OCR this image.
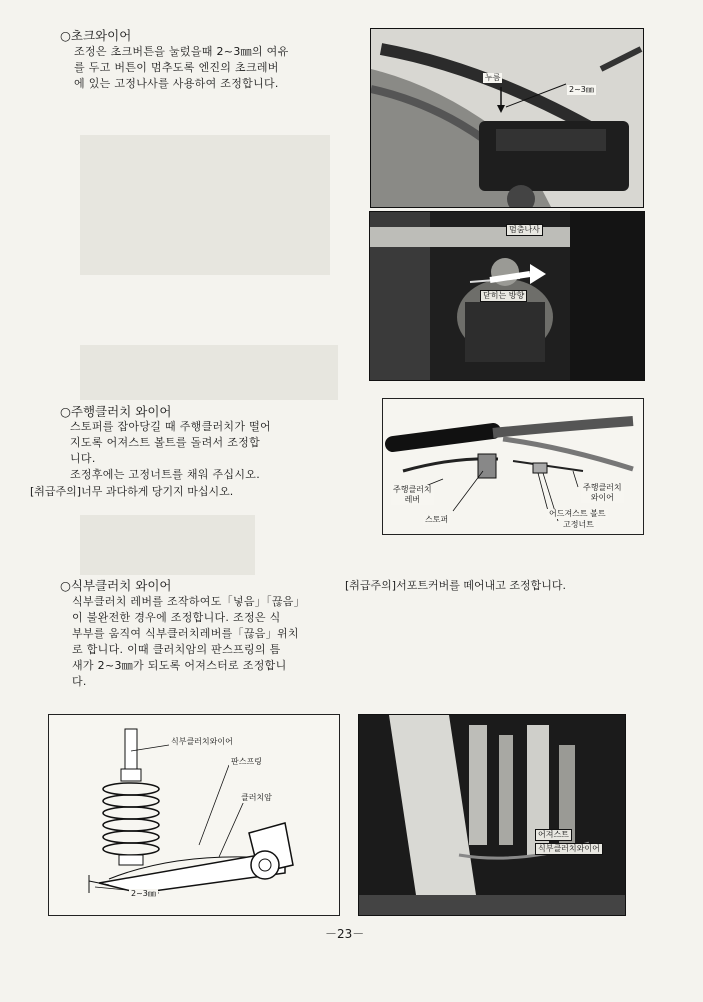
○초크와이어
조정은 초크버튼을 눌렀을때 2~3㎜의 여유
를 두고 버튼이 멈추도록 엔진의 초크레버
에 있는 고정나사를 사용하여 조정합니다.	누름
2~3㎜
멈춤나사
닫히는 방향
○주행클러치 와이어
스토퍼를 잡아당길 때 주행클러치가 떨어
지도록 어져스트 볼트를 돌려서 조정합
니다.
조정후에는 고정너트를 채워 주십시오.
[취급주의]너무 과다하게 당기지 마십시오.	주행클러치
레버
스토퍼
주행클러치
와이어
어드져스트 볼트
고정너트
○식부클러치 와이어
식부클러치 레버를 조작하여도「넣음」「끊음」
이 불완전한 경우에 조정합니다. 조정은 식
부부를 움직여 식부클러치레버를「끊음」위치
로 합니다. 이때 클러치암의 판스프링의 틈
새가 2~3㎜가 되도록 어져스터로 조정합니
다.
[취급주의]서포트커버를 떼어내고 조정합니다.
식부클러치와이어
판스프링
클러치암
2~3㎜
어져스트
식부클러치와이어
－23－
